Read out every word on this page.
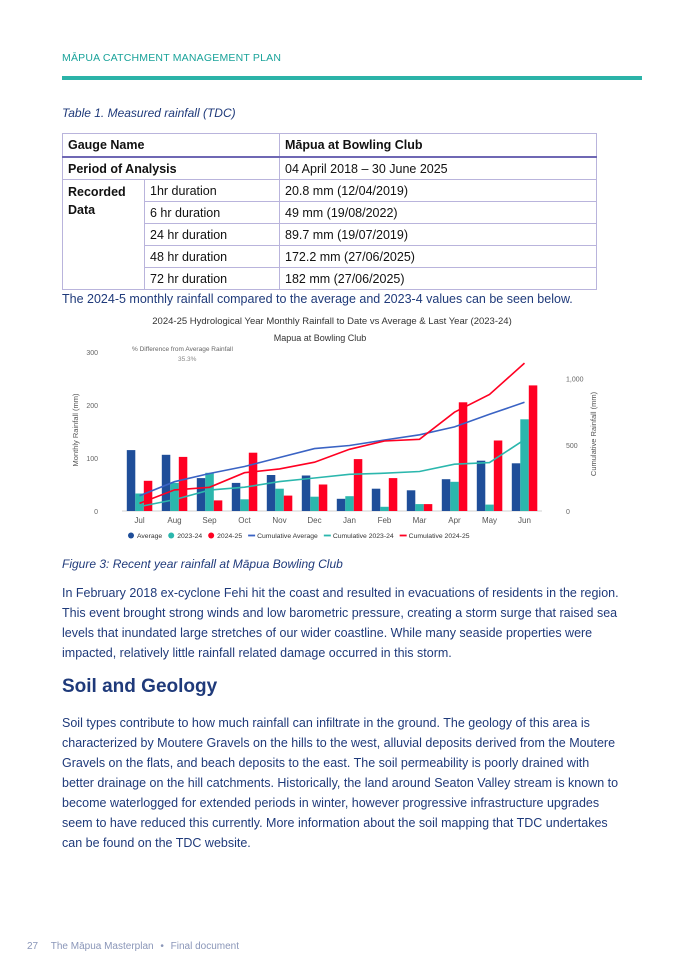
MĀPUA CATCHMENT MANAGEMENT PLAN
Table 1. Measured rainfall (TDC)
Gauge Name		Māpua at Bowling Club
Period of Analysis		04 April 2018 – 30 June 2025
Recorded Data	1hr duration	20.8 mm (12/04/2019)
	6 hr duration	49 mm (19/08/2022)
	24 hr duration	89.7 mm (19/07/2019)
	48 hr duration	172.2 mm (27/06/2025)
	72 hr duration	182 mm (27/06/2025)
The 2024-5 monthly rainfall compared to the average and 2023-4 values can be seen below.
2024-25 Hydrological Year Monthly Rainfall to Date vs Average & Last Year (2023-24)
Mapua at Bowling Club
% Difference from Average Rainfall
35.3%
Monthly Rainfall (mm)	Cumulative Rainfall (mm)
0
100
200
300
0
500
1,000
Jul	Aug	Sep	Oct	Nov	Dec	Jan	Feb	Mar	Apr	May	Jun
Average 2023-24 2024-25 Cumulative Average Cumulative 2023-24 Cumulative 2024-25
Figure 3: Recent year rainfall at Māpua Bowling Club

In February 2018 ex-cyclone Fehi hit the coast and resulted in evacuations of residents in the region. This event brought strong winds and low barometric pressure, creating a storm surge that raised sea levels that inundated large stretches of our wider coastline. While many seaside properties were impacted, relatively little rainfall related damage occurred in this storm.

Soil and Geology

Soil types contribute to how much rainfall can infiltrate in the ground. The geology of this area is characterized by Moutere Gravels on the hills to the west, alluvial deposits derived from the Moutere Gravels on the flats, and beach deposits to the east. The soil permeability is poorly drained with better drainage on the hill catchments. Historically, the land around Seaton Valley stream is known to become waterlogged for extended periods in winter, however progressive infrastructure upgrades seem to have reduced this currently. More information about the soil mapping that TDC undertakes can be found on the TDC website.

27 The Māpua Masterplan • Final document
